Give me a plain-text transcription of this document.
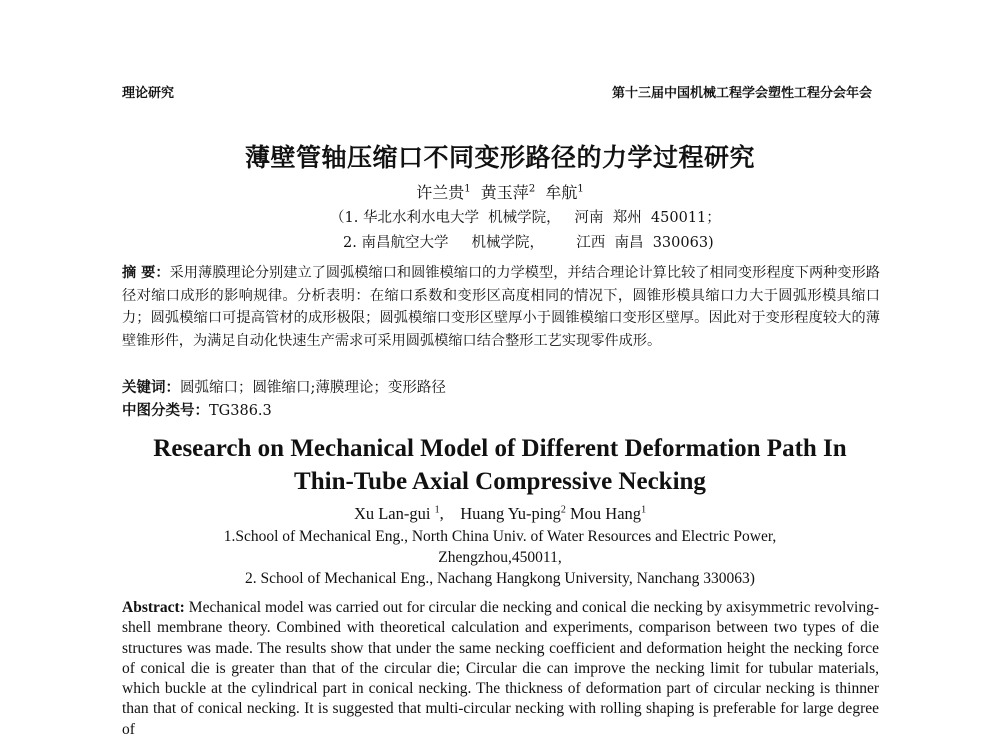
理论研究	第十三届中国机械工程学会塑性工程分会年会
薄壁管轴压缩口不同变形路径的力学过程研究
许兰贵$^1$ 黄玉萍$^2$ 牟航$^1$
（1. 华北水利水电大学  机械学院，   河南  郑州  450011；
2. 南昌航空大学     机械学院，       江西  南昌  330063)
摘 要：采用薄膜理论分别建立了圆弧模缩口和圆锥模缩口的力学模型，并结合理论计算比较了相同变形程度下两种变形路径对缩口成形的影响规律。分析表明：在缩口系数和变形区高度相同的情况下，圆锥形模具缩口力大于圆弧形模具缩口力；圆弧模缩口可提高管材的成形极限；圆弧模缩口变形区壁厚小于圆锥模缩口变形区壁厚。因此对于变形程度较大的薄壁锥形件，为满足自动化快速生产需求可采用圆弧模缩口结合整形工艺实现零件成形。
关键词：圆弧缩口；圆锥缩口;薄膜理论；变形路径
中图分类号：TG386.3
Research on Mechanical Model of Different Deformation Path In
Thin-Tube Axial Compressive Necking
Xu Lan-gui $^1$, Huang Yu-ping$^2$ Mou Hang$^1$
1.School of Mechanical Eng., North China Univ. of Water Resources and Electric Power,
Zhengzhou,450011,
2. School of Mechanical Eng., Nachang Hangkong University, Nanchang 330063)
Abstract: Mechanical model was carried out for circular die necking and conical die necking by axisymmetric revolving-shell membrane theory. Combined with theoretical calculation and experiments, comparison between two types of die structures was made. The results show that under the same necking coefficient and deformation height the necking force of conical die is greater than that of the circular die; Circular die can improve the necking limit for tubular materials, which buckle at the cylindrical part in conical necking. The thickness of deformation part of circular necking is thinner than that of conical necking. It is suggested that multi-circular necking with rolling shaping is preferable for large degree of
